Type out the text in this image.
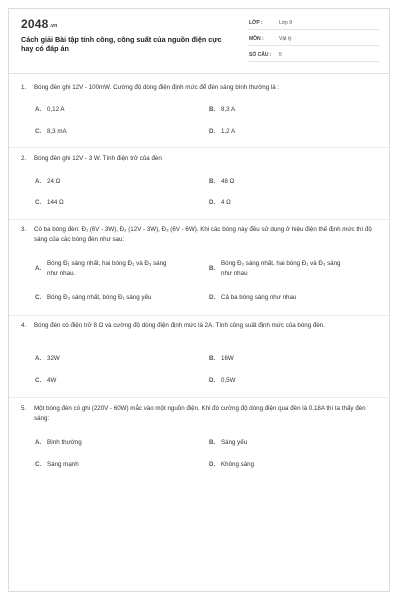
2048.vn
Cách giải Bài tập tính công, công suất của nguồn điện cực hay có đáp án
LỚP :	Lớp 9
MÔN :	Vật lý
SỐ CÂU : 5
1. Bóng đèn ghi 12V - 100mW. Cường độ dòng điện định mức để đèn sáng bình thường là :
A. 0,12 A	B. 8,3 A
C. 8,3 mA	D. 1,2 A
2. Bóng đèn ghi 12V - 3 W. Tính điện trở của đèn
A. 24 Ω	B. 48 Ω
C. 144 Ω	D. 4 Ω
3. Có ba bóng đèn: Đ₁ (6V - 3W), Đ₂ (12V - 3W), Đ₃ (6V - 6W). Khi các bóng này đều sử dụng ở hiệu điện thế định mức thì độ sáng của các bóng đèn như sau:
A.
Bóng Đ₁ sáng nhất, hai bóng Đ₂ và Đ₃ sáng như nhau.
B.
Bóng Đ₂ sáng nhất, hai bóng Đ₁ và Đ₃ sáng như nhau
C. Bóng Đ₃ sáng nhất, bóng Đ₁ sáng yếu	D. Cả ba bóng sáng như nhau
4. Bóng đèn có điện trở 8 Ω và cường độ dòng điện định mức là 2A. Tính công suất định mức của bóng đèn.
A. 32W	B. 16W
C. 4W	D. 0,5W
5. Một bóng đèn có ghi (220V - 60W) mắc vào một nguồn điện. Khi đó cường độ dòng điện qua đèn là 0,18A thì ta thấy đèn sáng:
A. Bình thường	B. Sáng yếu
C. Sáng mạnh	D. Không sáng
